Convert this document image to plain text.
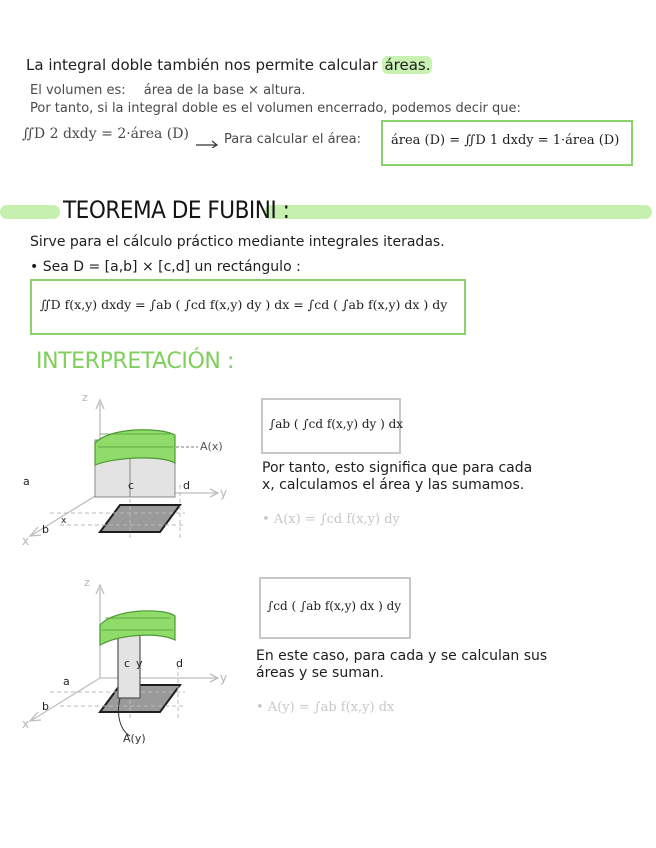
La integral doble también nos permite calcular áreas.
El volumen es: área de la base × altura.
Por tanto, si la integral doble es el volumen encerrado, podemos decir que:
∬D 2 dxdy = 2·área (D)	Para calcular el área: área (D) = ∬D 1 dxdy = 1·área (D)
TEOREMA DE FUBINI :
Sirve para el cálculo práctico mediante integrales iteradas.
• Sea D = [a,b] × [c,d] un rectángulo :
∬D f(x,y) dxdy = ∫ab ( ∫cd f(x,y) dy ) dx = ∫cd ( ∫ab f(x,y) dx ) dy
INTERPRETACIÓN :
a
b
c	d
z
y
x
x
A(x)
∫ab ( ∫cd f(x,y) dy ) dx
Por tanto, esto significa que para cada
x, calculamos el área y las sumamos.
• A(x) = ∫cd f(x,y) dy
a
b
c y	d
z
y
x
A(y)
∫cd ( ∫ab f(x,y) dx ) dy
En este caso, para cada y se calculan sus
áreas y se suman.
• A(y) = ∫ab f(x,y) dx
